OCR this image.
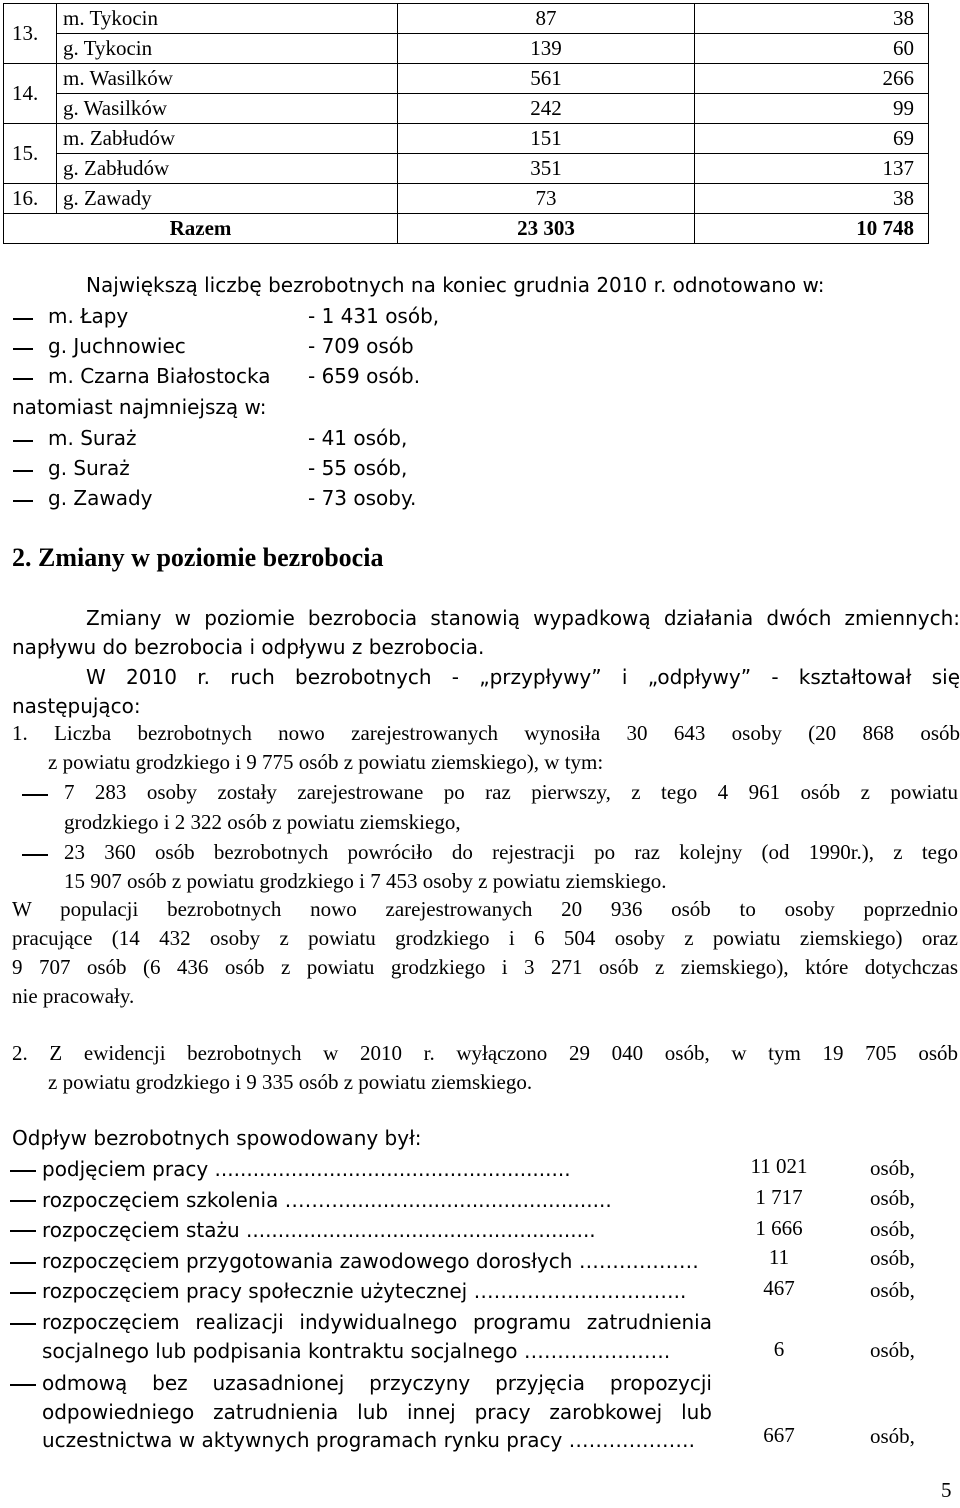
13.	m. Tykocin	87	38
	g. Tykocin	139	60
14.	m. Wasilków	561	266
	g. Wasilków	242	99
15.	m. Zabłudów	151	69
	g. Zabłudów	351	137
16.	g. Zawady	73	38
Razem		23 303	10 748
Największą liczbę bezrobotnych na koniec grudnia 2010 r. odnotowano w:
m. Łapy	- 1 431 osób,
g. Juchnowiec	- 709 osób
m. Czarna Białostocka - 659 osób.
natomiast najmniejszą w:
m. Suraż	- 41 osób,
g. Suraż	- 55 osób,
g. Zawady	- 73 osoby.
2. Zmiany w poziomie bezrobocia
Zmiany w poziomie bezrobocia stanowią wypadkową działania dwóch zmiennych:
napływu do bezrobocia i odpływu z bezrobocia.
W 2010 r. ruch bezrobotnych - „przypływy” i „odpływy” - kształtował się
następująco:
1. Liczba bezrobotnych nowo zarejestrowanych wynosiła 30 643 osoby (20 868 osób
z powiatu grodzkiego i 9 775 osób z powiatu ziemskiego), w tym:
7 283 osoby zostały zarejestrowane po raz pierwszy, z tego 4 961 osób z powiatu
grodzkiego i 2 322 osób z powiatu ziemskiego,
23 360 osób bezrobotnych powróciło do rejestracji po raz kolejny (od 1990r.), z tego
15 907 osób z powiatu grodzkiego i 7 453 osoby z powiatu ziemskiego.
W populacji bezrobotnych nowo zarejestrowanych 20 936 osób to osoby poprzednio
pracujące (14 432 osoby z powiatu grodzkiego i 6 504 osoby z powiatu ziemskiego) oraz
9 707 osób (6 436 osób z powiatu grodzkiego i 3 271 osób z ziemskiego), które dotychczas
nie pracowały.
2. Z ewidencji bezrobotnych w 2010 r. wyłączono 29 040 osób, w tym 19 705 osób
z powiatu grodzkiego i 9 335 osób z powiatu ziemskiego.
Odpływ bezrobotnych spowodowany był:
podjęciem pracy ........................................................	11 021	osób,
rozpoczęciem szkolenia ………..........................................	1 717	osób,
rozpoczęciem stażu .......................................................	1 666	osób,
rozpoczęciem przygotowania zawodowego dorosłych ………………	11	osób,
rozpoczęciem pracy społecznie użytecznej …………………………..	467	osób,
rozpoczęciem realizacji indywidualnego programu zatrudnienia
socjalnego lub podpisania kontraktu socjalnego ………………….	6	osób,
odmową bez uzasadnionej przyczyny przyjęcia propozycji
odpowiedniego zatrudnienia lub innej pracy zarobkowej lub
uczestnictwa w aktywnych programach rynku pracy ……………….	667	osób,
5
